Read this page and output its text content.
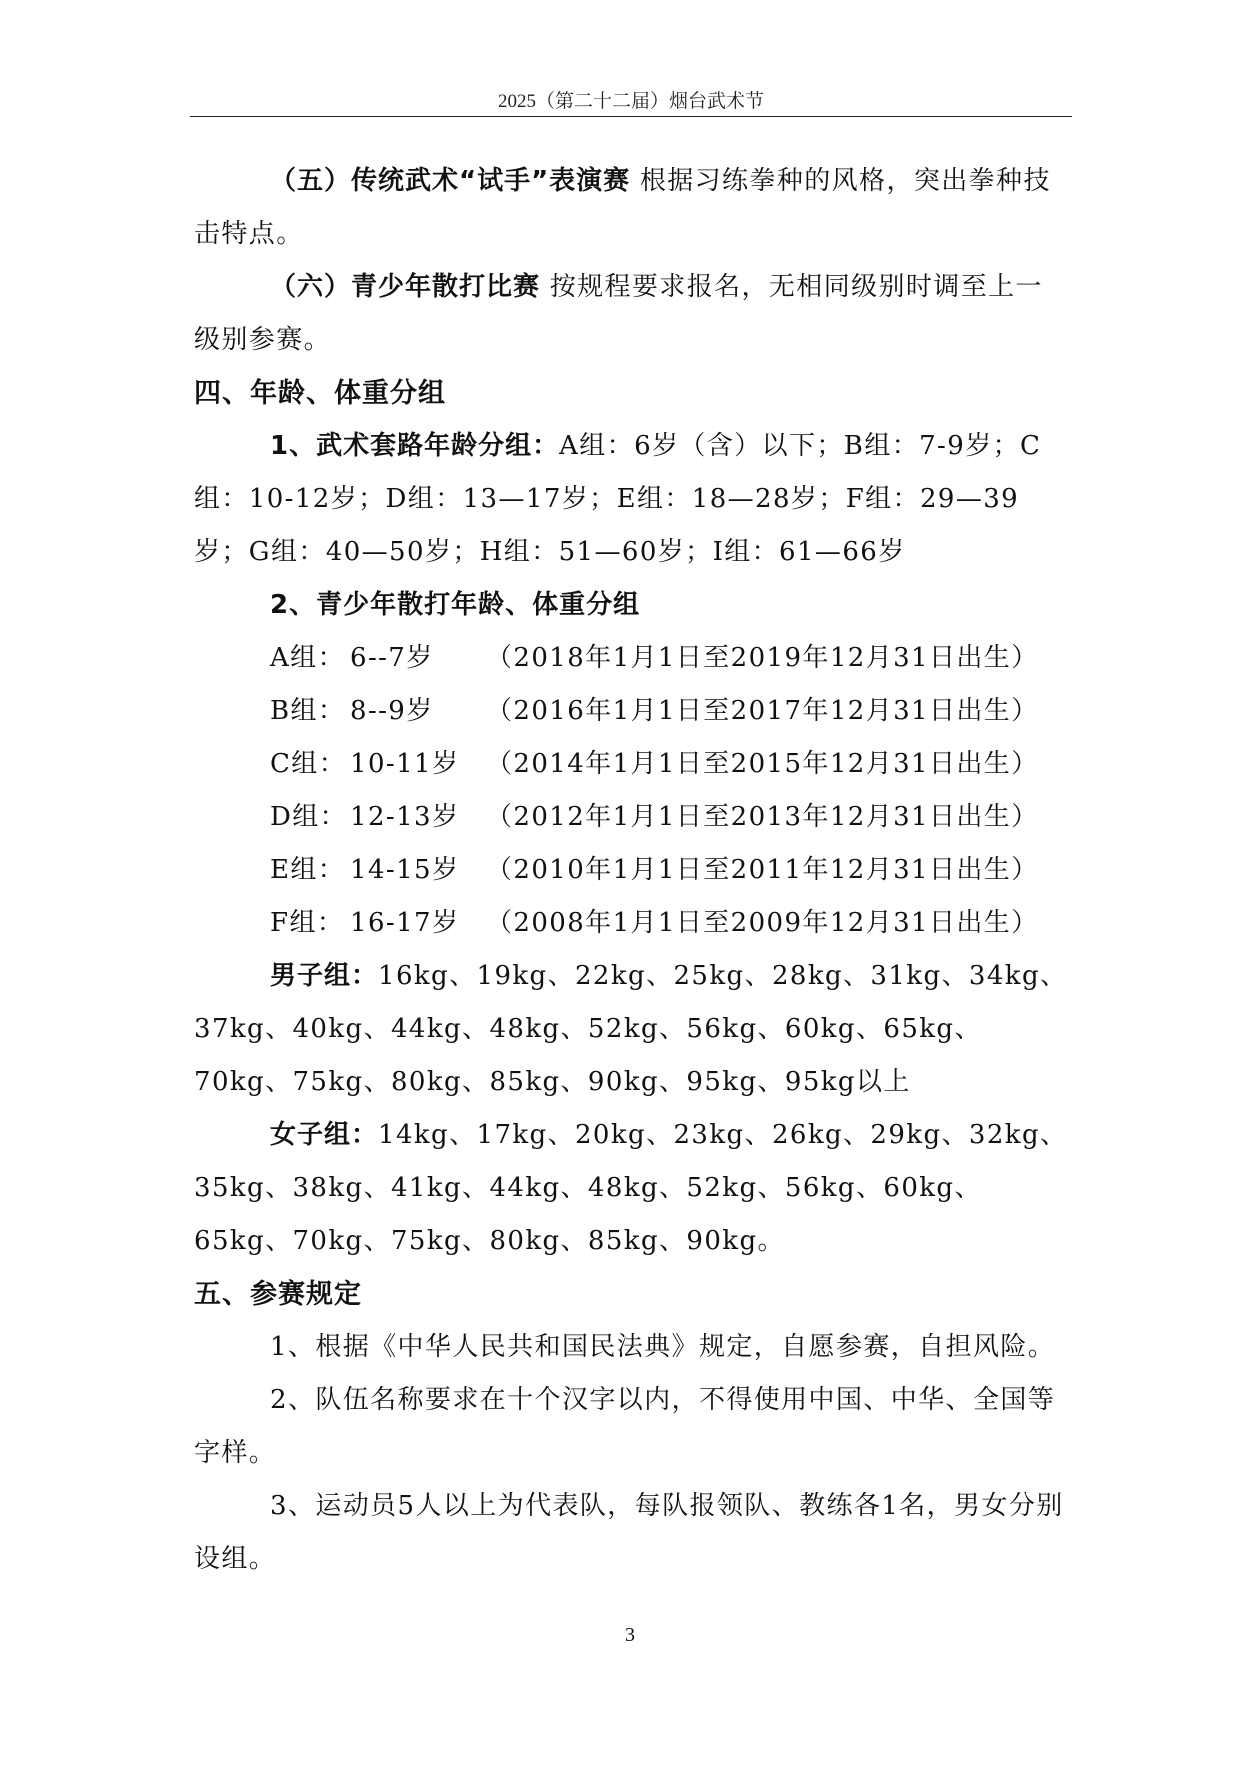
2025（第二十二届）烟台武术节

（五）传统武术“试手”表演赛 根据习练拳种的风格，突出拳种技击特点。

（六）青少年散打比赛 按规程要求报名，无相同级别时调至上一级别参赛。

四、年龄、体重分组

1、武术套路年龄分组：A组：6岁（含）以下；B组：7-9岁；C组：10-12岁；D组：13—17岁；E组：18—28岁；F组：29—39岁；G组：40—50岁；H组：51—60岁；I组：61—66岁

2、青少年散打年龄、体重分组

A组： 6--7岁 （2018年1月1日至2019年12月31日出生）

B组： 8--9岁 （2016年1月1日至2017年12月31日出生）

C组： 10-11岁 （2014年1月1日至2015年12月31日出生）

D组： 12-13岁 （2012年1月1日至2013年12月31日出生）

E组： 14-15岁 （2010年1月1日至2011年12月31日出生）

F组： 16-17岁 （2008年1月1日至2009年12月31日出生）

男子组：16kg、19kg、22kg、25kg、28kg、31kg、34kg、37kg、40kg、44kg、48kg、52kg、56kg、60kg、65kg、70kg、75kg、80kg、85kg、90kg、95kg、95kg以上

女子组：14kg、17kg、20kg、23kg、26kg、29kg、32kg、35kg、38kg、41kg、44kg、48kg、52kg、56kg、60kg、65kg、70kg、75kg、80kg、85kg、90kg。

五、参赛规定

1、根据《中华人民共和国民法典》规定，自愿参赛，自担风险。

2、队伍名称要求在十个汉字以内，不得使用中国、中华、全国等字样。

3、运动员5人以上为代表队，每队报领队、教练各1名，男女分别设组。

3
